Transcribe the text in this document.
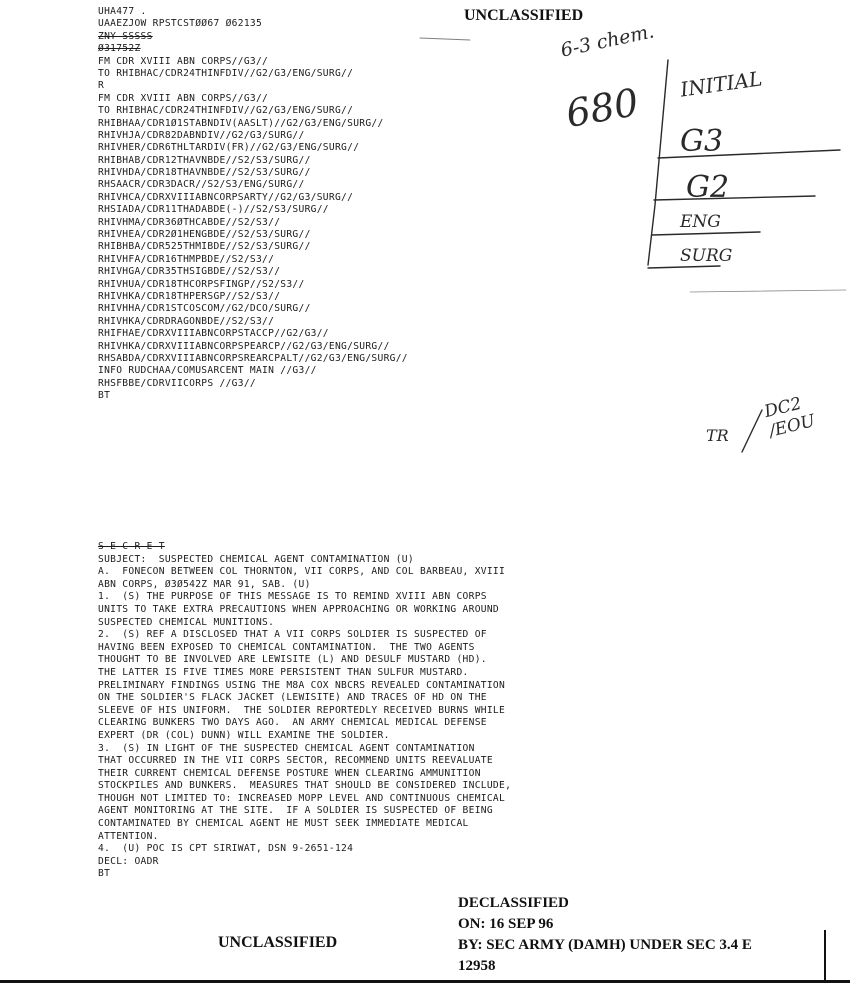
UNCLASSIFIED
UHA477 .
UAAEZJOW RPSTCSTØØ67 Ø62135
ZNY SSSSS
Ø31752Z
FM CDR XVIII ABN CORPS//G3//
TO RHIBHAC/CDR24THINFDIV//G2/G3/ENG/SURG//
R
FM CDR XVIII ABN CORPS//G3//
TO RHIBHAC/CDR24THINFDIV//G2/G3/ENG/SURG//
RHIBHAA/CDR1Ø1STABNDIV(AASLT)//G2/G3/ENG/SURG//
RHIVHJA/CDR82DABNDIV//G2/G3/SURG//
RHIVHER/CDR6THLTARDIV(FR)//G2/G3/ENG/SURG//
RHIBHAB/CDR12THAVNBDE//S2/S3/SURG//
RHIVHDA/CDR18THAVNBDE//S2/S3/SURG//
RHSAACR/CDR3DACR//S2/S3/ENG/SURG//
RHIVHCA/CDRXVIIIABNCORPSARTY//G2/G3/SURG//
RHSIADA/CDR11THADABDE(-)//S2/S3/SURG//
RHIVHMA/CDR36ØTHCABDE//S2/S3//
RHIVHEA/CDR2Ø1HENGBDE//S2/S3/SURG//
RHIBHBA/CDR525THMIBDE//S2/S3/SURG//
RHIVHFA/CDR16THMPBDE//S2/S3//
RHIVHGA/CDR35THSIGBDE//S2/S3//
RHIVHUA/CDR18THCORPSFINGP//S2/S3//
RHIVHKA/CDR18THPERSGP//S2/S3//
RHIVHHA/CDR1STCOSCOM//G2/DCO/SURG//
RHIVHKA/CDRDRAGONBDE//S2/S3//
RHIFHAE/CDRXVIIIABNCORPSTACCP//G2/G3//
RHIVHKA/CDRXVIIIABNCORPSPEARCP//G2/G3/ENG/SURG//
RHSABDA/CDRXVIIIABNCORPSREARCPALT//G2/G3/ENG/SURG//
INFO RUDCHAA/COMUSARCENT MAIN //G3//
RHSFBBE/CDRVIICORPS //G3//
BT
S E C R E T
SUBJECT:  SUSPECTED CHEMICAL AGENT CONTAMINATION (U)
A.  FONECON BETWEEN COL THORNTON, VII CORPS, AND COL BARBEAU, XVIII
ABN CORPS, Ø3Ø542Z MAR 91, SAB. (U)
1.  (S) THE PURPOSE OF THIS MESSAGE IS TO REMIND XVIII ABN CORPS
UNITS TO TAKE EXTRA PRECAUTIONS WHEN APPROACHING OR WORKING AROUND
SUSPECTED CHEMICAL MUNITIONS.
2.  (S) REF A DISCLOSED THAT A VII CORPS SOLDIER IS SUSPECTED OF
HAVING BEEN EXPOSED TO CHEMICAL CONTAMINATION.  THE TWO AGENTS
THOUGHT TO BE INVOLVED ARE LEWISITE (L) AND DESULF MUSTARD (HD).
THE LATTER IS FIVE TIMES MORE PERSISTENT THAN SULFUR MUSTARD.
PRELIMINARY FINDINGS USING THE M8A COX NBCRS REVEALED CONTAMINATION
ON THE SOLDIER'S FLACK JACKET (LEWISITE) AND TRACES OF HD ON THE
SLEEVE OF HIS UNIFORM.  THE SOLDIER REPORTEDLY RECEIVED BURNS WHILE
CLEARING BUNKERS TWO DAYS AGO.  AN ARMY CHEMICAL MEDICAL DEFENSE
EXPERT (DR (COL) DUNN) WILL EXAMINE THE SOLDIER.
3.  (S) IN LIGHT OF THE SUSPECTED CHEMICAL AGENT CONTAMINATION
THAT OCCURRED IN THE VII CORPS SECTOR, RECOMMEND UNITS REEVALUATE
THEIR CURRENT CHEMICAL DEFENSE POSTURE WHEN CLEARING AMMUNITION
STOCKPILES AND BUNKERS.  MEASURES THAT SHOULD BE CONSIDERED INCLUDE,
THOUGH NOT LIMITED TO: INCREASED MOPP LEVEL AND CONTINUOUS CHEMICAL
AGENT MONITORING AT THE SITE.  IF A SOLDIER IS SUSPECTED OF BEING
CONTAMINATED BY CHEMICAL AGENT HE MUST SEEK IMMEDIATE MEDICAL
ATTENTION.
4.  (U) POC IS CPT SIRIWAT, DSN 9-2651-124
DECL: OADR
BT
6-3 chem.
680 INITIAL
G3
G2
ENG
SURG
TR
DC2 /EOU
DECLASSIFIED
ON: 16 SEP 96
BY: SEC ARMY (DAMH) UNDER SEC 3.4 E
12958
UNCLASSIFIED
